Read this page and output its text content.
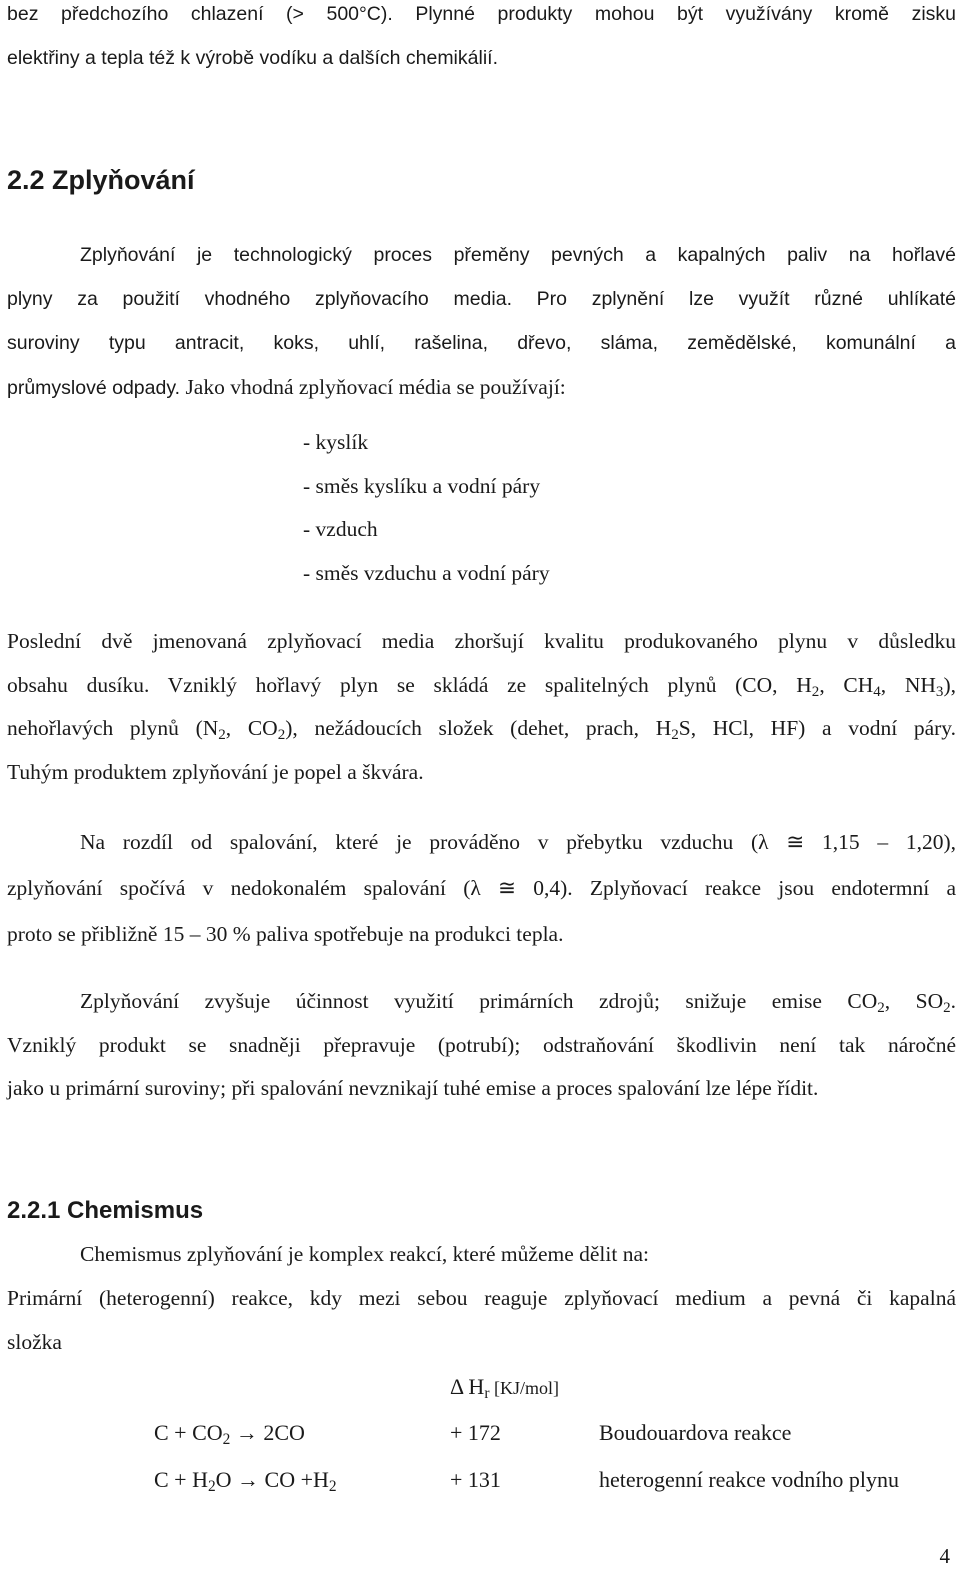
bez předchozího chlazení (> 500°C). Plynné produkty mohou být využívány kromě zisku
elektřiny a tepla též k výrobě vodíku a dalších chemikálií.
2.2 Zplyňování
Zplyňování je technologický proces přeměny pevných a kapalných paliv na hořlavé
plyny za použití vhodného zplyňovacího media. Pro zplynění lze využít různé uhlíkaté
suroviny typu antracit, koks, uhlí, rašelina, dřevo, sláma, zemědělské, komunální a
průmyslové odpady. Jako vhodná zplyňovací média se používají:
- kyslík
- směs kyslíku a vodní páry
- vzduch
- směs vzduchu a vodní páry
Poslední dvě jmenovaná zplyňovací media zhoršují kvalitu produkovaného plynu v důsledku
obsahu dusíku. Vzniklý hořlavý plyn se skládá ze spalitelných plynů (CO, $H_2$, $CH_4$, $NH_3$),
nehořlavých plynů ($N_2$, $CO_2$), nežádoucích složek (dehet, prach, $H_2S$, HCl, HF) a vodní páry.
Tuhým produktem zplyňování je popel a škvára.
Na rozdíl od spalování, které je prováděno v přebytku vzduchu (λ ≅ 1,15 – 1,20),
zplyňování spočívá v nedokonalém spalování (λ ≅ 0,4). Zplyňovací reakce jsou endotermní a
proto se přibližně 15 – 30 % paliva spotřebuje na produkci tepla.
Zplyňování zvyšuje účinnost využití primárních zdrojů; snižuje emise $CO_2$, $SO_2$.
Vzniklý produkt se snadněji přepravuje (potrubí); odstraňování škodlivin není tak náročné
jako u primární suroviny; při spalování nevznikají tuhé emise a proces spalování lze lépe řídit.
2.2.1 Chemismus
Chemismus zplyňování je komplex reakcí, které můžeme dělit na:
Primární (heterogenní) reakce, kdy mezi sebou reaguje zplyňovací medium a pevná či kapalná
složka
Δ $H_r$ [KJ/mol]
$C + CO_2 \to 2CO$	+ 172	Boudouardova reakce
$C + H_2O$ → CO $+H_2$	+ 131	heterogenní reakce vodního plynu
4
